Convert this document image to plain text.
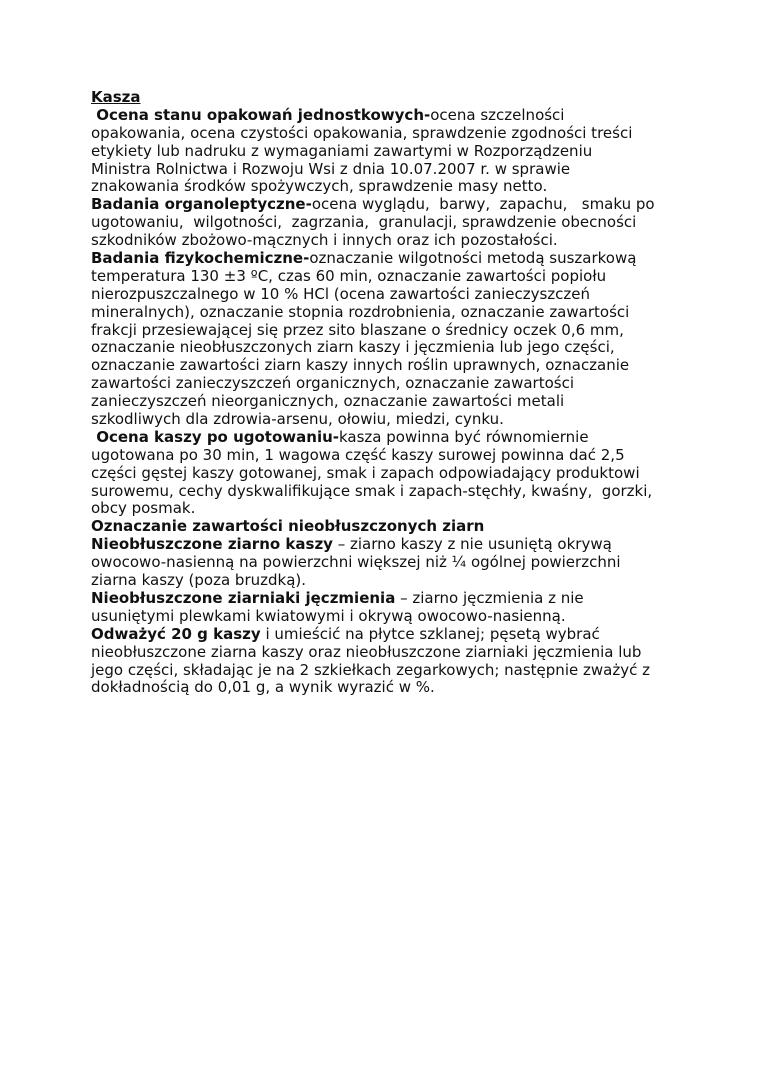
Kasza
Ocena stanu opakowań jednostkowych-ocena szczelności
opakowania, ocena czystości opakowania, sprawdzenie zgodności treści
etykiety lub nadruku z wymaganiami zawartymi w Rozporządzeniu
Ministra Rolnictwa i Rozwoju Wsi z dnia 10.07.2007 r. w sprawie
znakowania środków spożywczych, sprawdzenie masy netto.
Badania organoleptyczne-ocena wyglądu,  barwy,  zapachu,   smaku po
ugotowaniu,  wilgotności,  zagrzania,  granulacji, sprawdzenie obecności
szkodników zbożowo-mącznych i innych oraz ich pozostałości.
Badania fizykochemiczne-oznaczanie wilgotności metodą suszarkową
temperatura 130 ±3 ºC, czas 60 min, oznaczanie zawartości popiołu
nierozpuszczalnego w 10 % HCl (ocena zawartości zanieczyszczeń
mineralnych), oznaczanie stopnia rozdrobnienia, oznaczanie zawartości
frakcji przesiewającej się przez sito blaszane o średnicy oczek 0,6 mm,
oznaczanie nieobłuszczonych ziarn kaszy i jęczmienia lub jego części,
oznaczanie zawartości ziarn kaszy innych roślin uprawnych, oznaczanie
zawartości zanieczyszczeń organicznych, oznaczanie zawartości
zanieczyszczeń nieorganicznych, oznaczanie zawartości metali
szkodliwych dla zdrowia-arsenu, ołowiu, miedzi, cynku.
Ocena kaszy po ugotowaniu-kasza powinna być równomiernie
ugotowana po 30 min, 1 wagowa część kaszy surowej powinna dać 2,5
części gęstej kaszy gotowanej, smak i zapach odpowiadający produktowi
surowemu, cechy dyskwalifikujące smak i zapach-stęchły, kwaśny,  gorzki,
obcy posmak.
Oznaczanie zawartości nieobłuszczonych ziarn
Nieobłuszczone ziarno kaszy – ziarno kaszy z nie usuniętą okrywą
owocowo-nasienną na powierzchni większej niż ¼ ogólnej powierzchni
ziarna kaszy (poza bruzdką).
Nieobłuszczone ziarniaki jęczmienia – ziarno jęczmienia z nie
usuniętymi plewkami kwiatowymi i okrywą owocowo-nasienną.
Odważyć 20 g kaszy i umieścić na płytce szklanej; pęsetą wybrać
nieobłuszczone ziarna kaszy oraz nieobłuszczone ziarniaki jęczmienia lub
jego części, składając je na 2 szkiełkach zegarkowych; następnie zważyć z
dokładnością do 0,01 g, a wynik wyrazić w %.
